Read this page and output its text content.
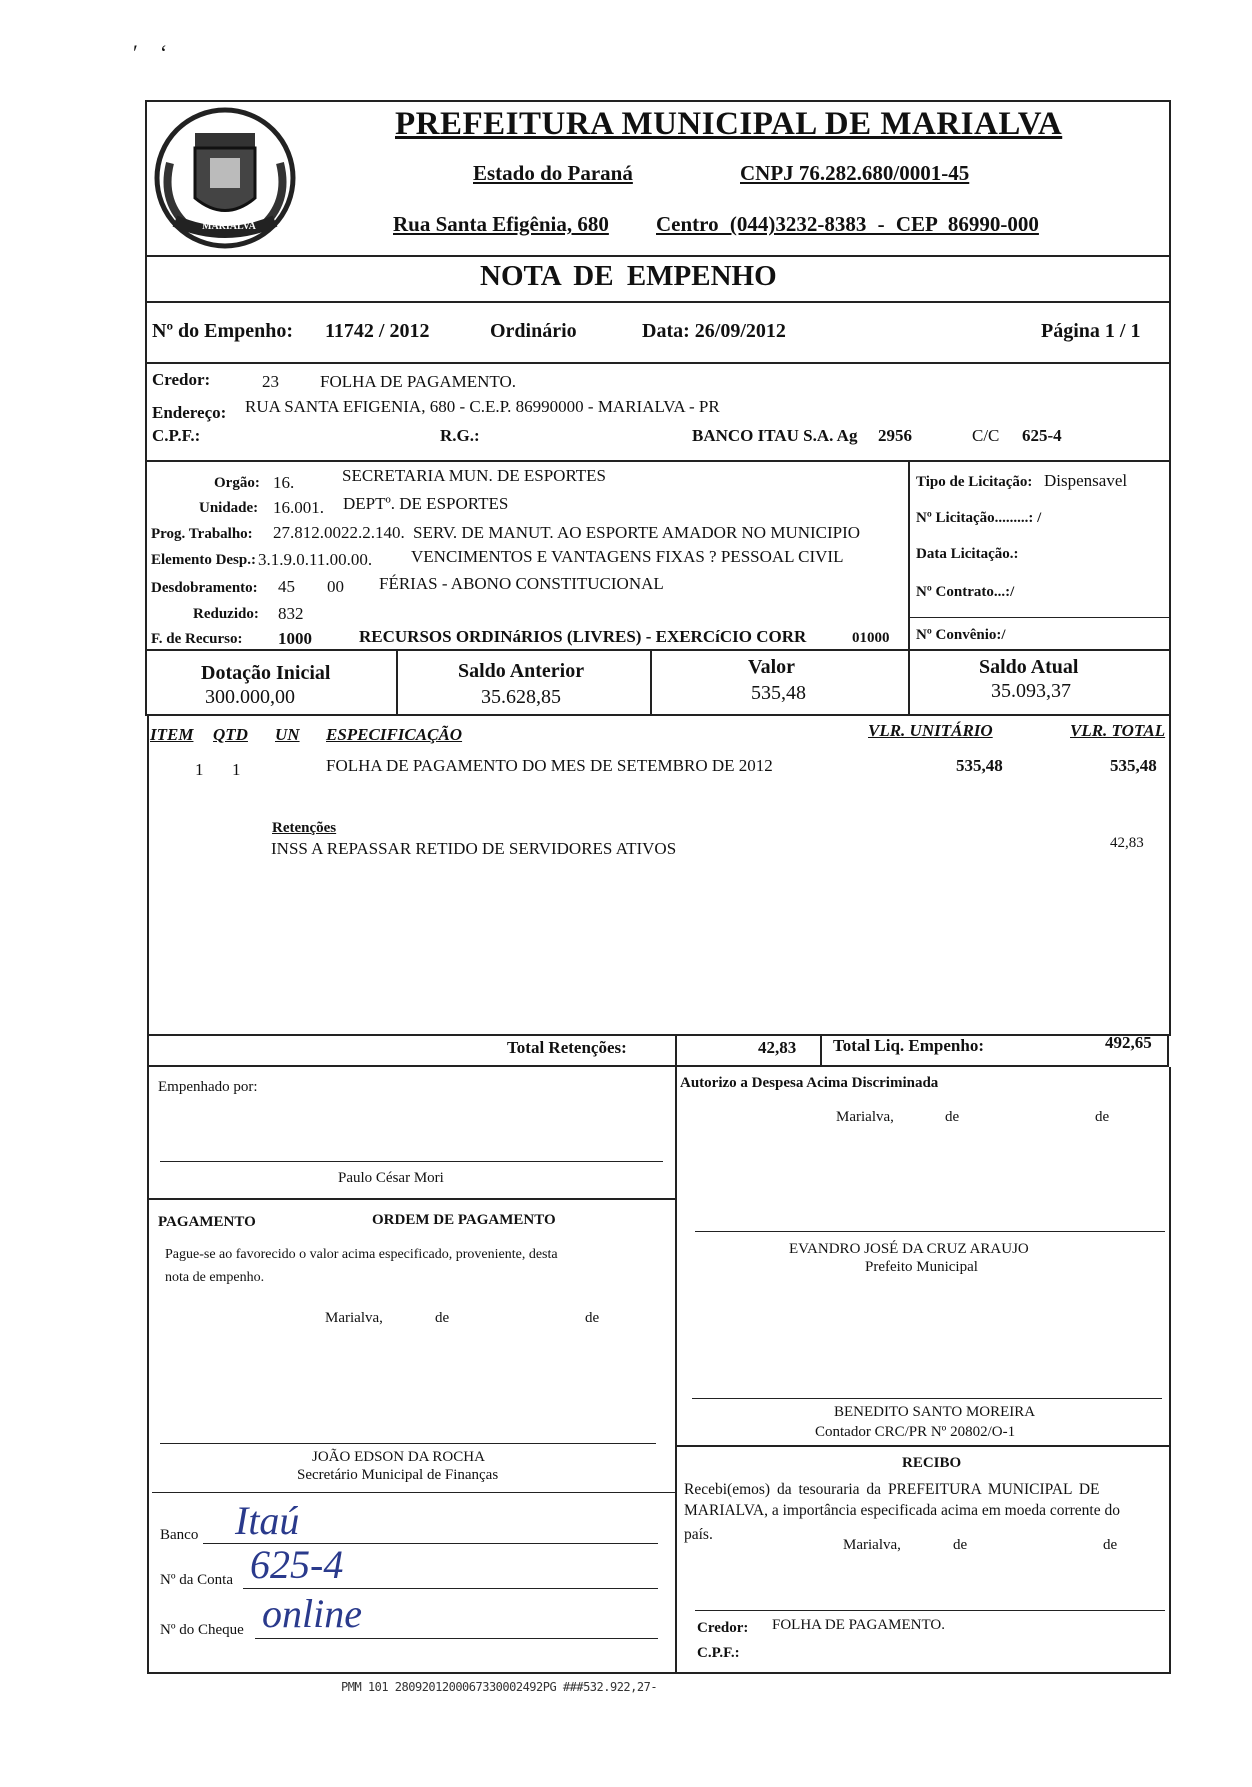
′    ‘
MARIALVA
PREFEITURA MUNICIPAL DE MARIALVA
Estado do Paraná	CNPJ 76.282.680/0001-45
Rua Santa Efigênia, 680 Centro (044)3232-8383 - CEP 86990-000
NOTA DE EMPENHO
Nº do Empenho: 11742 / 2012	Ordinário	Data: 26/09/2012	Página 1 / 1
Credor:	23 FOLHA DE PAGAMENTO.
Endereço: RUA SANTA EFIGENIA, 680 - C.E.P. 86990000 - MARIALVA - PR
C.P.F.:	R.G.:	BANCO ITAU S.A. Ag 2956	C/C 625-4
Orgão: 16.	SECRETARIA MUN. DE ESPORTES
Unidade: 16.001. DEPTº. DE ESPORTES
Prog. Trabalho: 27.812.0022.2.140. SERV. DE MANUT. AO ESPORTE AMADOR NO MUNICIPIO
Elemento Desp.: 3.1.9.0.11.00.00. VENCIMENTOS E VANTAGENS FIXAS ? PESSOAL CIVIL
Desdobramento: 45 00 FÉRIAS - ABONO CONSTITUCIONAL
Reduzido: 832
F. de Recurso: 1000	RECURSOS ORDINáRIOS (LIVRES) - EXERCíCIO CORR	01000
Tipo de Licitação: Dispensavel
Nº Licitação.........: /
Data Licitação.:
Nº Contrato...:/
Nº Convênio:/
Dotação Inicial
300.000,00
Saldo Anterior
35.628,85
Valor
535,48
Saldo Atual
35.093,37
ITEM QTD UN ESPECIFICAÇÃO	VLR. UNITÁRIO	VLR. TOTAL
1 1	FOLHA DE PAGAMENTO DO MES DE SETEMBRO DE 2012	535,48	535,48
Retenções
INSS A REPASSAR RETIDO DE SERVIDORES ATIVOS	42,83
Total Retenções:	42,83 Total Liq. Empenho:	492,65
Empenhado por:
Paulo César Mori
Autorizo a Despesa Acima Discriminada
Marialva,	de	de
EVANDRO JOSÉ DA CRUZ ARAUJO
Prefeito Municipal
PAGAMENTO	ORDEM DE PAGAMENTO
Pague-se ao favorecido o valor acima especificado, proveniente, desta
nota de empenho.
Marialva,	de	de
BENEDITO SANTO MOREIRA
Contador CRC/PR Nº 20802/O-1
JOÃO EDSON DA ROCHA
Secretário Municipal de Finanças
Banco Itaú
Nº da Conta 625-4
Nº do Cheque online
RECIBO
Recebi(emos) da tesouraria da PREFEITURA MUNICIPAL DE
MARIALVA, a importância especificada acima em moeda corrente do
país.
Marialva,	de	de
Credor: FOLHA DE PAGAMENTO.
C.P.F.:
PMM 101 2809201200067330002492PG ###532.922,27-
